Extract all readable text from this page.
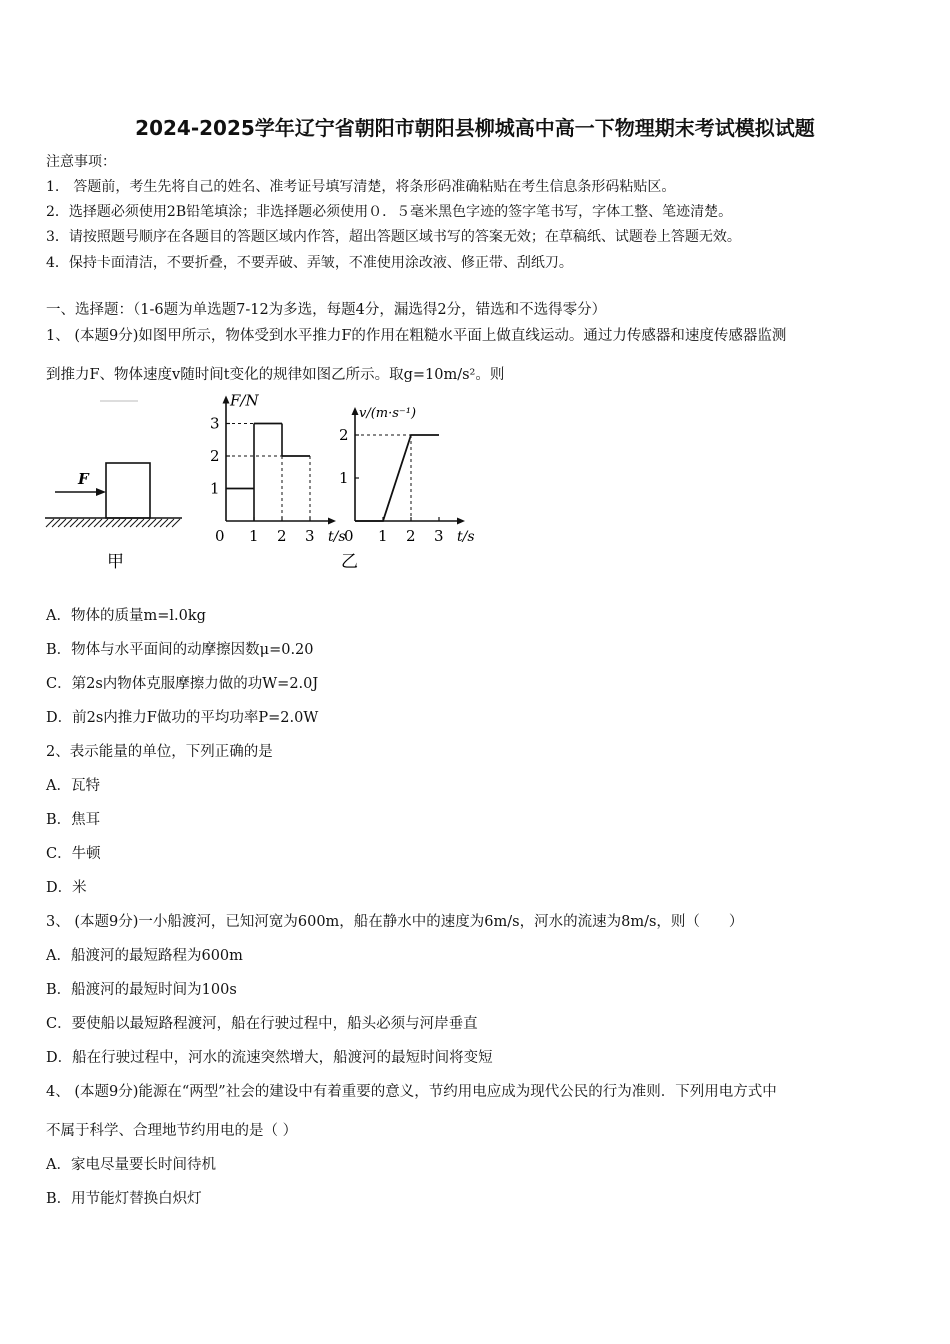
2024-2025学年辽宁省朝阳市朝阳县柳城高中高一下物理期末考试模拟试题
注意事项：
1.　答题前，考生先将自己的姓名、准考证号填写清楚，将条形码准确粘贴在考生信息条形码粘贴区。
2．选择题必须使用2B铅笔填涂；非选择题必须使用０．５毫米黑色字迹的签字笔书写，字体工整、笔迹清楚。
3．请按照题号顺序在各题目的答题区域内作答，超出答题区域书写的答案无效；在草稿纸、试题卷上答题无效。
4．保持卡面清洁，不要折叠，不要弄破、弄皱，不准使用涂改液、修正带、刮纸刀。
一、选择题：（1-6题为单选题7-12为多选，每题4分，漏选得2分，错选和不选得零分）
1、 (本题9分)如图甲所示，物体受到水平推力F的作用在粗糙水平面上做直线运动。通过力传感器和速度传感器监测
到推力F、物体速度v随时间t变化的规律如图乙所示。取g=10m/s²。则
F
甲
F/N
0 1 2 3 t/s
1
2
3
v/(m·s⁻¹)
0 1 2 3 t/s
1
2
乙
A．物体的质量m=l.0kg
B．物体与水平面间的动摩擦因数μ=0.20
C．第2s内物体克服摩擦力做的功W=2.0J
D．前2s内推力F做功的平均功率P=2.0W
2、表示能量的单位，下列正确的是
A．瓦特
B．焦耳
C．牛顿
D．米
3、 (本题9分)一小船渡河，已知河宽为600m，船在静水中的速度为6m/s，河水的流速为8m/s，则（　　）
A．船渡河的最短路程为600m
B．船渡河的最短时间为100s
C．要使船以最短路程渡河，船在行驶过程中，船头必须与河岸垂直
D．船在行驶过程中，河水的流速突然增大，船渡河的最短时间将变短
4、 (本题9分)能源在“两型”社会的建设中有着重要的意义，节约用电应成为现代公民的行为准则．下列用电方式中
不属于科学、合理地节约用电的是（ ）
A．家电尽量要长时间待机
B．用节能灯替换白炽灯
